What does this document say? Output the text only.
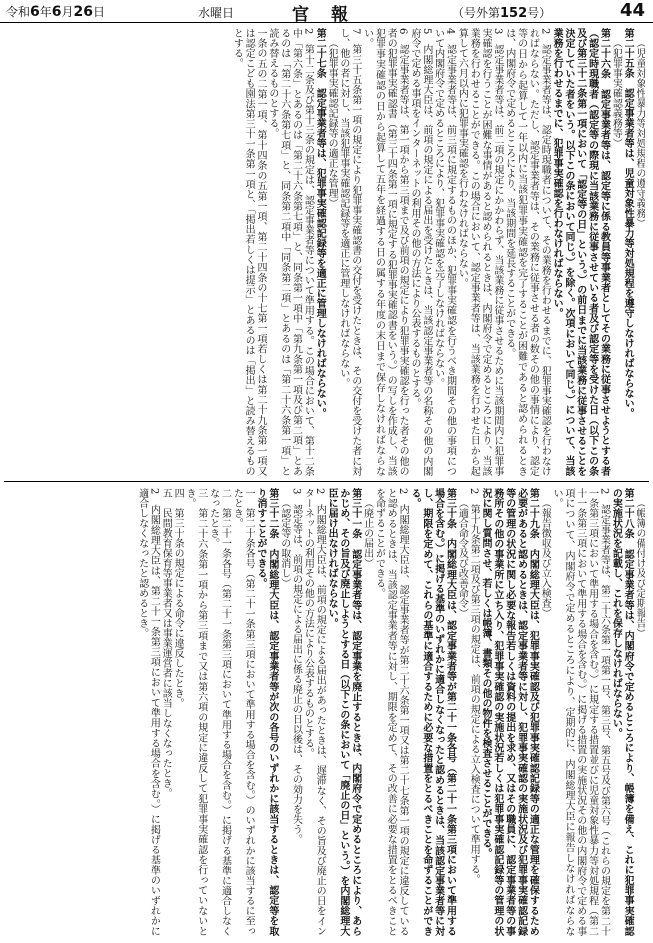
令和6年6月26日	水曜日	官報	（号外第152号）	44
（児童対象性暴力等対処規程の遵守義務）
第二十五条　認定事業者等は、児童対象性暴力等対処規程を遵守しなければならない。
（犯罪事実確認義務等）
第二十六条　認定事業者等は、認定等に係る教員等事業者としてその業務に従事させようとする者（認定時現職者（認定等の際現に当該業務に従事させている者及び認定等を受けた日（以下この条及び第三十二条第一項において「認定等の日」という。）の前日までに当該業務に従事させることを決定していた者をいう。以下この条において同じ。）を除く。次項において同じ。）について、当該業務を行わせるまでに、犯罪事実確認を行わなければならない。
2　認定事業者等は、認定時現職者について、その業務を行わせるまでに、犯罪事実確認を行わなければならない。ただし、認定事業者等は、その業務に従事させる者の数その他の事情により、認定等の日から起算して一年以内に当該犯罪事実確認を完了することが困難であると認められるときは、内閣府令で定めるところにより、当該期間を延長することができる。
3　認定事業者等は、前二項の規定にかかわらず、当該業務に従事させるために当該期間内に犯罪事実確認を行うことが困難な事情があると認められるときは、内閣府令で定めるところにより、当該業務を行わせることができる。この場合において、認定事業者等は、当該業務を行わせた日から起算して六月以内に犯罪事実確認を行わなければならない。
4　認定事業者等は、前三項に規定するもののほか、犯罪事実確認を行うべき期間その他の事項について内閣府令で定めるところにより、犯罪事実確認を完了しなければならない。
5　内閣総理大臣は、前項の規定による届出を受けたときは、当該認定事業者等の名称その他の内閣府令で定める事項をインターネットの利用その他の方法により公表するものとする。
6　認定事業者等は、第一項から第三項まで及び前項の規定により犯罪事実確認を行った者その他の者の犯罪事実確認書（第三十四条第一項に規定する犯罪事実確認書をいう。）の写しを作成し、当該犯罪事実確認の日から起算して五年を経過する日の属する年度の末日まで保存しなければならない。
7　第三十五条第一項の規定により犯罪事実確認書の交付を受けたときは、その交付を受けた者に対し、他の者に対し、当該犯罪事実確認記録等を適正に管理しなければならない。
（犯罪事実確認記録等の適正な管理）
第二十七条　認定事業者等は、犯罪事実確認記録等を適正に管理しなければならない。
2　第十二条及び第十三条の規定は、認定事業者等について準用する。この場合において、第十二条中「第六条」とあるのは「第二十六条第七項」と、同条第一項中「第九条第一項及び第二項」とあるのは「第二十六条第七項」と、同条第二項中「同条第二項」とあるのは「第二十六条第一項」と読み替えるものとする。
一条の五の二第一項、第十四条の五第一項、第二十四条の十七第一項若しくは第二十九条第一項又は認定こども園法第三十一条第一項と、「掲出若しくは提示」とあるのは「掲出」と読み替えるものとする。
（帳簿の備付け及び定期報告）
第二十八条　認定事業者等は、内閣府令で定めるところにより、帳簿を備え、これに犯罪事実確認の実施状況を記載し、これを保存しなければならない。
2　認定事業者等は、第二十六条第一項第一号、第三号、第五号及び第六号（これらの規定を第二十一条第三項において準用する場合を含む。）に規定する措置並びに児童対象性暴力等対処規程（第二十一条第三項において準用する場合を含む。）に掲げる措置の実施状況その他の内閣府令で定める事項について、内閣府令で定めるところにより、定期的に、内閣総理大臣に報告しなければならない。
（報告徴収及び立入検査）
第二十九条　内閣総理大臣は、犯罪事実確認及び犯罪事実確認記録等の適正な管理を確保するため必要があると認めるときは、認定事業者等に対し、犯罪事実確認の実施状況及び犯罪事実確認記録等の管理の状況に関し必要な報告若しくは資料の提出を求め、又はその職員に、認定事業者等の事務所その他の事業所に立ち入り、犯罪事実確認の実施状況若しくは犯罪事実確認記録等の管理の状況に関し質問させ、若しくは帳簿、書類その他の物件を検査させることができる。
2　第十九条第二項及び第三項の規定は、前項の規定による立入検査について準用する。
（適合命令及び改善命令）
第三十条　内閣総理大臣は、認定事業者等が第二十一条各号（第二十一条第三項において準用する場合を含む。）に掲げる基準のいずれかに適合しなくなったと認めるときは、当該認定事業者等に対し、期限を定めて、これらの基準に適合するために必要な措置をとるべきことを命ずることができる。
2　内閣総理大臣は、認定事業者等が第二十六条第一項又は第二十七条第一項の規定に違反していると認めるときは、当該認定事業者等に対し、期限を定めて、その改善に必要な措置をとるべきことを命ずることができる。
（廃止の届出）
第三十一条　認定事業者等は、認定事業を廃止するときは、内閣府令で定めるところにより、あらかじめ、その旨及び廃止しようとする日（以下この条において「廃止の日」という。）を内閣総理大臣に届け出なければならない。
2　内閣総理大臣は、前項の規定による届出があったときは、遅滞なく、その旨及び廃止の日をインターネットの利用その他の方法により公表するものとする。
3　認定等は、前項の規定による届出に係る廃止の日以後は、その効力を失う。
（認定等の取消し）
第三十二条　内閣総理大臣は、認定事業者等が次の各号のいずれかに該当するときは、認定等を取り消すことができる。
一　第二十条各号（第二十一条第三項において準用する場合を含む。）のいずれかに該当するに至ったとき。
二　第二十一条各号（第二十一条第三項において準用する場合を含む。）に掲げる基準に適合しなくなったとき。
三　第二十六条第一項から第三項まで又は第六項の規定に違反して犯罪事実確認を行っていないとき。
四　第三十条の規定による命令に違反したとき。
五　民間教育保育等事業者又は事業運営者に該当しなくなったとき。
2　内閣総理大臣は、第二十一条第三項において準用する場合を含む。）に掲げる基準のいずれかに適合しなくなったと認めるとき。
